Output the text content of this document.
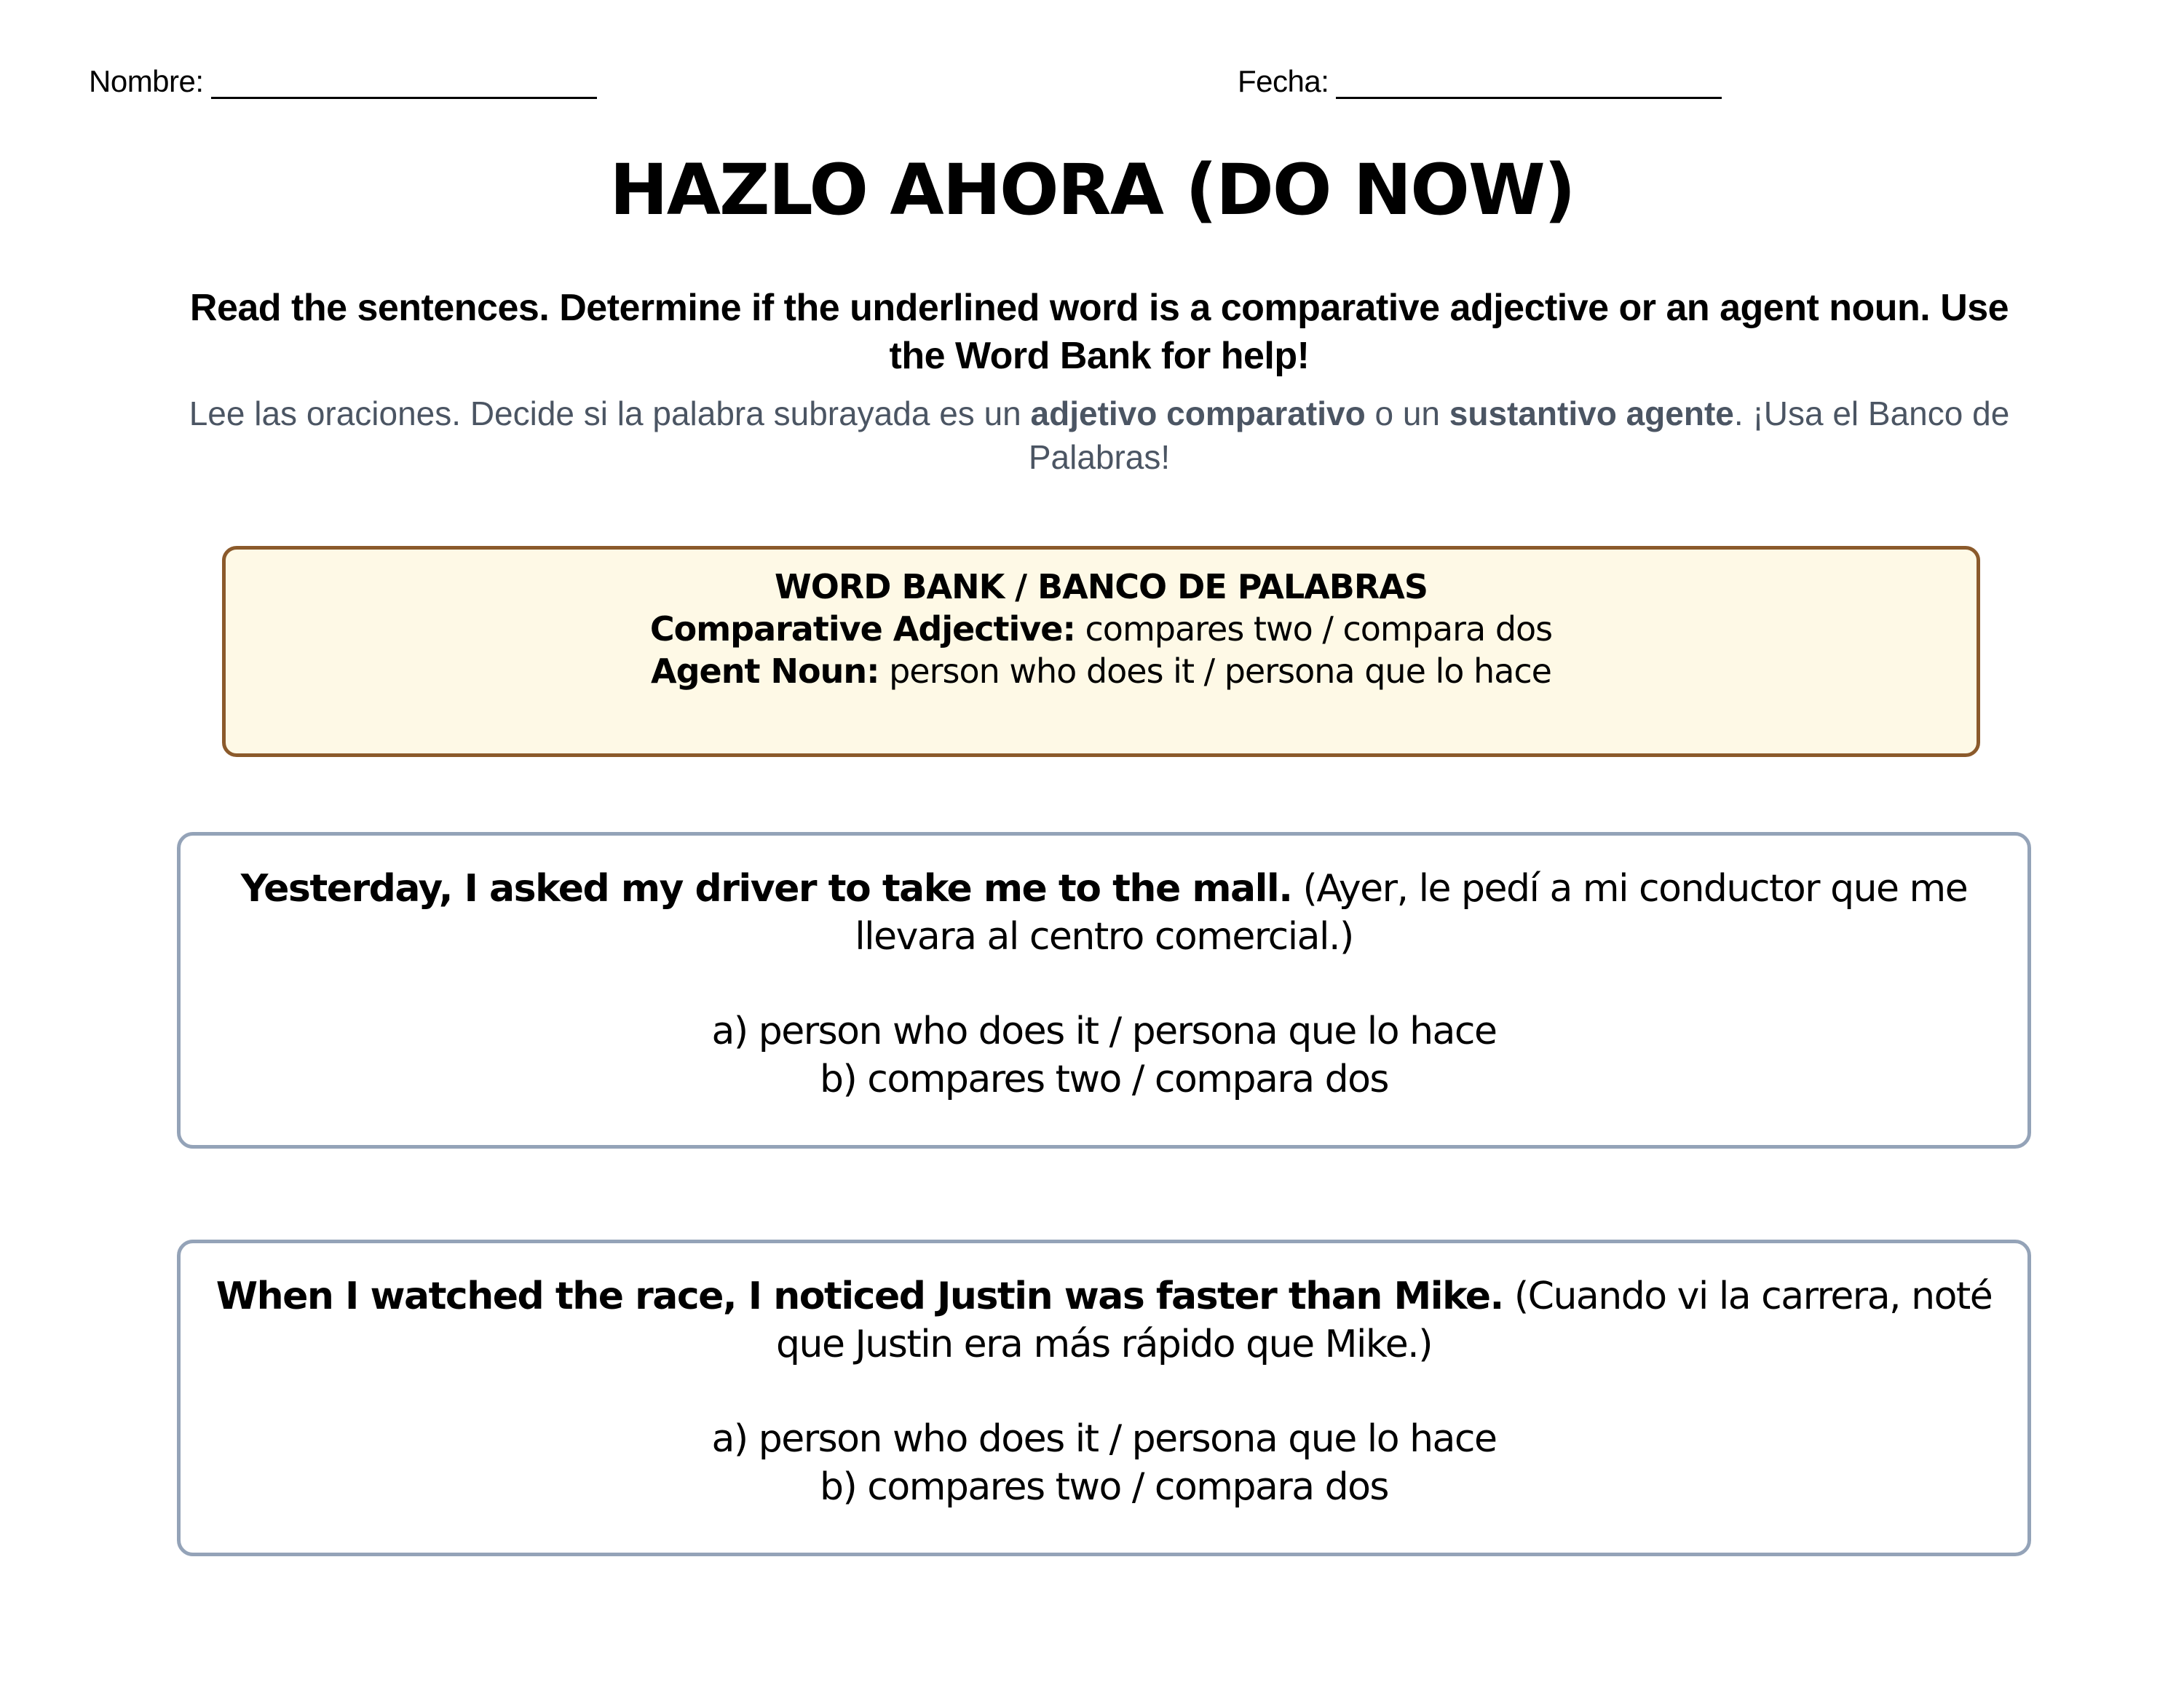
Nombre:	Fecha:
HAZLO AHORA (DO NOW)
Read the sentences. Determine if the underlined word is a comparative adjective or an agent noun. Use the Word Bank for help!
Lee las oraciones. Decide si la palabra subrayada es un adjetivo comparativo o un sustantivo agente. ¡Usa el Banco de Palabras!
WORD BANK / BANCO DE PALABRAS
Comparative Adjective: compares two / compara dos
Agent Noun: person who does it / persona que lo hace
Yesterday, I asked my driver to take me to the mall. (Ayer, le pedí a mi conductor que me llevara al centro comercial.)
a) person who does it / persona que lo hace
b) compares two / compara dos
When I watched the race, I noticed Justin was faster than Mike. (Cuando vi la carrera, noté que Justin era más rápido que Mike.)
a) person who does it / persona que lo hace
b) compares two / compara dos
